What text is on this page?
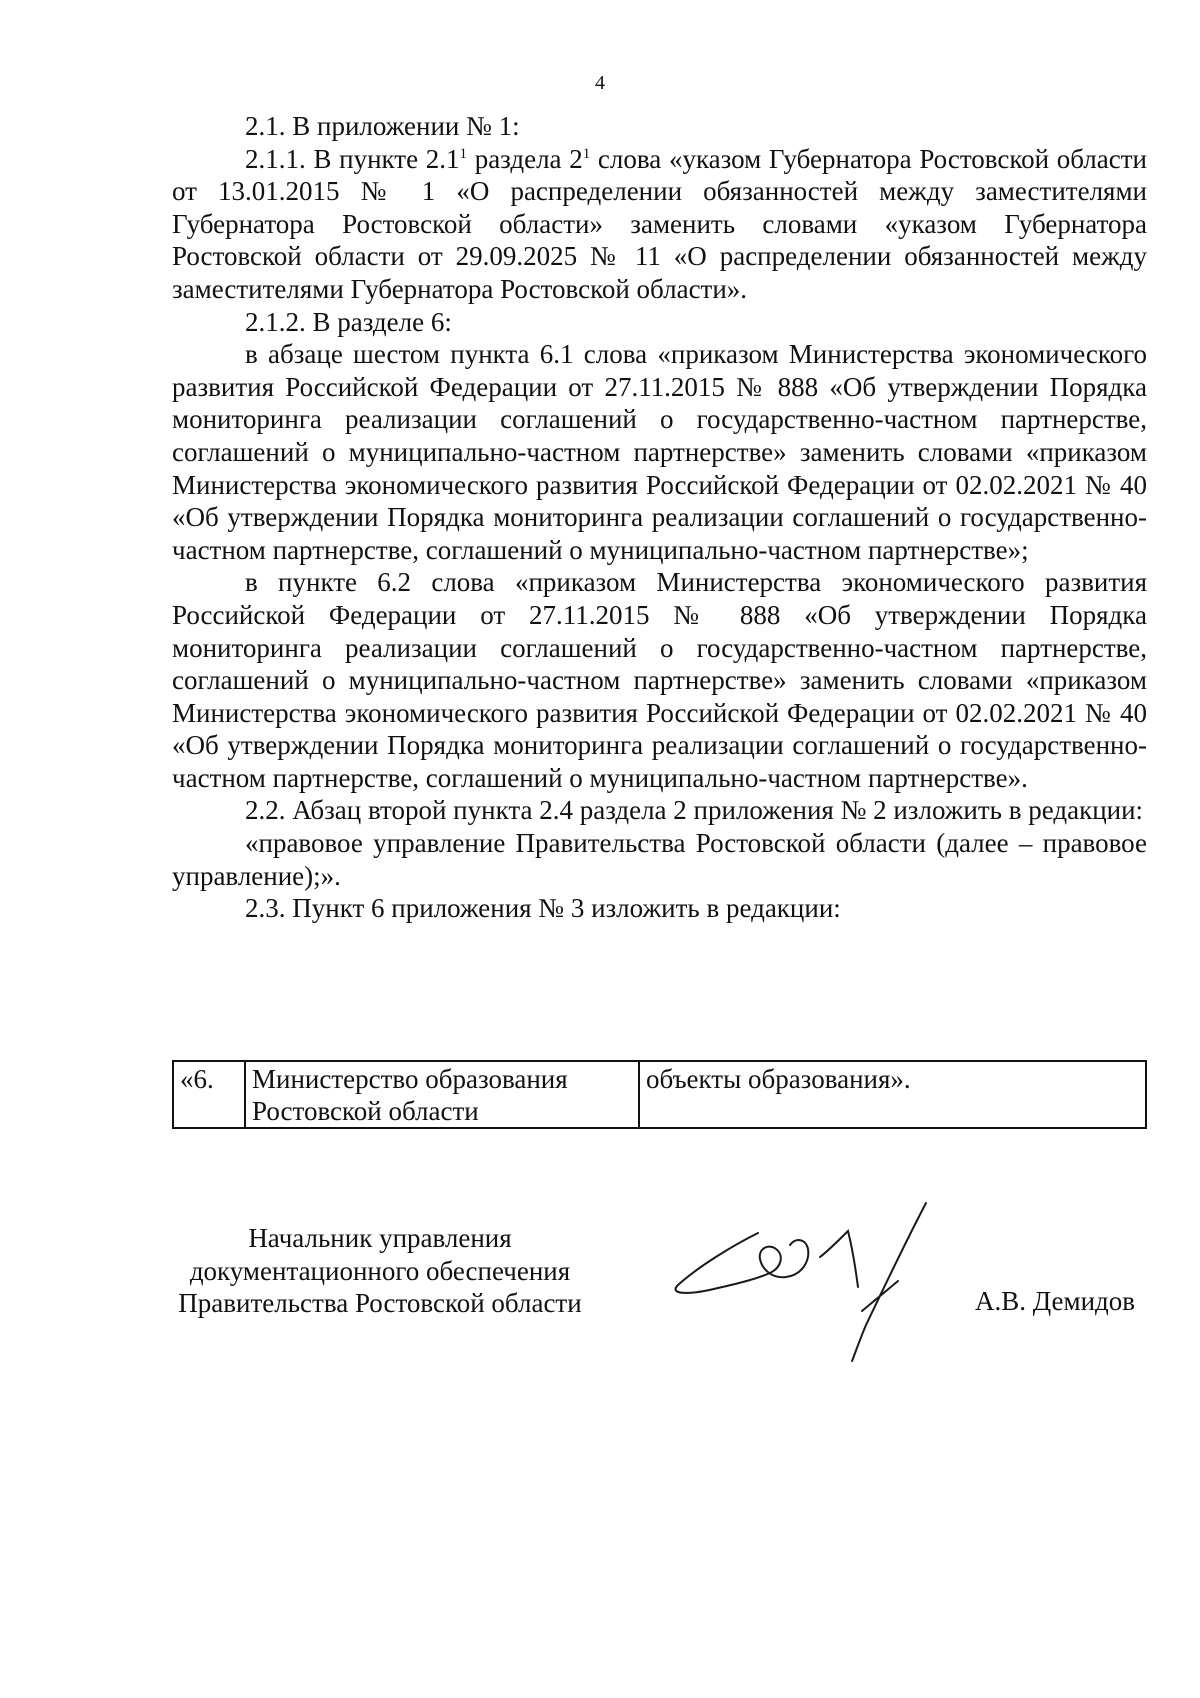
4

2.1. В приложении № 1:

2.1.1. В пункте $2.1^1$ раздела $2^1$ слова «указом Губернатора Ростовской области от 13.01.2015 № 1 «О распределении обязанностей между заместителями Губернатора Ростовской области» заменить словами «указом Губернатора Ростовской области от 29.09.2025 № 11 «О распределении обязанностей между заместителями Губернатора Ростовской области».

2.1.2. В разделе 6:

в абзаце шестом пункта 6.1 слова «приказом Министерства экономического развития Российской Федерации от 27.11.2015 № 888 «Об утверждении Порядка мониторинга реализации соглашений о государственно-частном партнерстве, соглашений о муниципально-частном партнерстве» заменить словами «приказом Министерства экономического развития Российской Федерации от 02.02.2021 № 40 «Об утверждении Порядка мониторинга реализации соглашений о государственно-частном партнерстве, соглашений о муниципально-частном партнерстве»;

в пункте 6.2 слова «приказом Министерства экономического развития Российской Федерации от 27.11.2015 № 888 «Об утверждении Порядка мониторинга реализации соглашений о государственно-частном партнерстве, соглашений о муниципально-частном партнерстве» заменить словами «приказом Министерства экономического развития Российской Федерации от 02.02.2021 № 40 «Об утверждении Порядка мониторинга реализации соглашений о государственно-частном партнерстве, соглашений о муниципально-частном партнерстве».

2.2. Абзац второй пункта 2.4 раздела 2 приложения № 2 изложить в редакции:

«правовое управление Правительства Ростовской области (далее – правовое управление);».

2.3. Пункт 6 приложения № 3 изложить в редакции:

«6.	Министерство образования Ростовской области	объекты образования».
Начальник управления
документационного обеспечения
Правительства Ростовской области	А.В. Демидов
